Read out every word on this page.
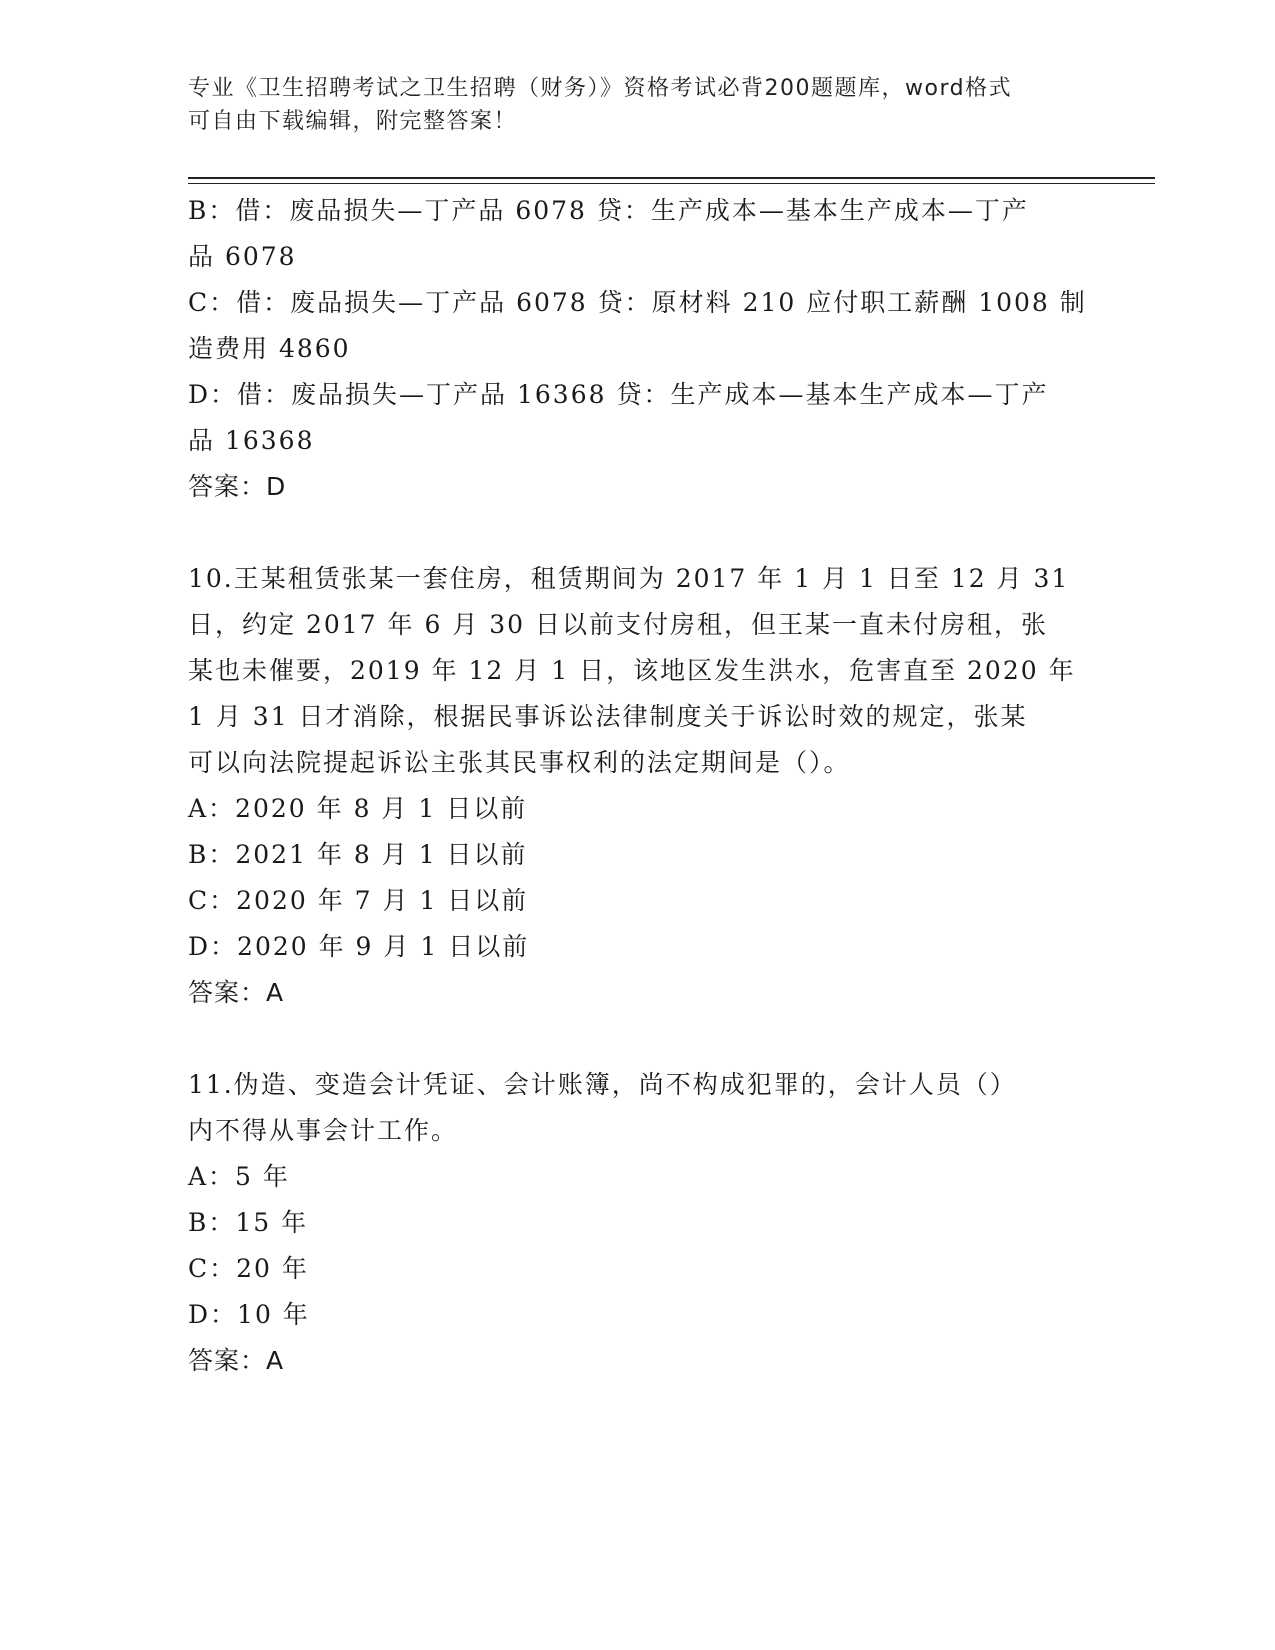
专业《卫生招聘考试之卫生招聘（财务）》资格考试必背200题题库，word格式
可自由下载编辑，附完整答案！

B：借：废品损失—丁产品 6078 贷：生产成本—基本生产成本—丁产

品 6078

C：借：废品损失—丁产品 6078 贷：原材料 210 应付职工薪酬 1008 制

造费用 4860

D：借：废品损失—丁产品 16368 贷：生产成本—基本生产成本—丁产

品 16368

答案：D

10.王某租赁张某一套住房，租赁期间为 2017 年 1 月 1 日至 12 月 31

日，约定 2017 年 6 月 30 日以前支付房租，但王某一直未付房租，张

某也未催要，2019 年 12 月 1 日，该地区发生洪水，危害直至 2020 年

1 月 31 日才消除，根据民事诉讼法律制度关于诉讼时效的规定，张某

可以向法院提起诉讼主张其民事权利的法定期间是（）。

A：2020 年 8 月 1 日以前

B：2021 年 8 月 1 日以前

C：2020 年 7 月 1 日以前

D：2020 年 9 月 1 日以前

答案：A

11.伪造、变造会计凭证、会计账簿，尚不构成犯罪的，会计人员（）

内不得从事会计工作。

A：5 年

B：15 年

C：20 年

D：10 年

答案：A
